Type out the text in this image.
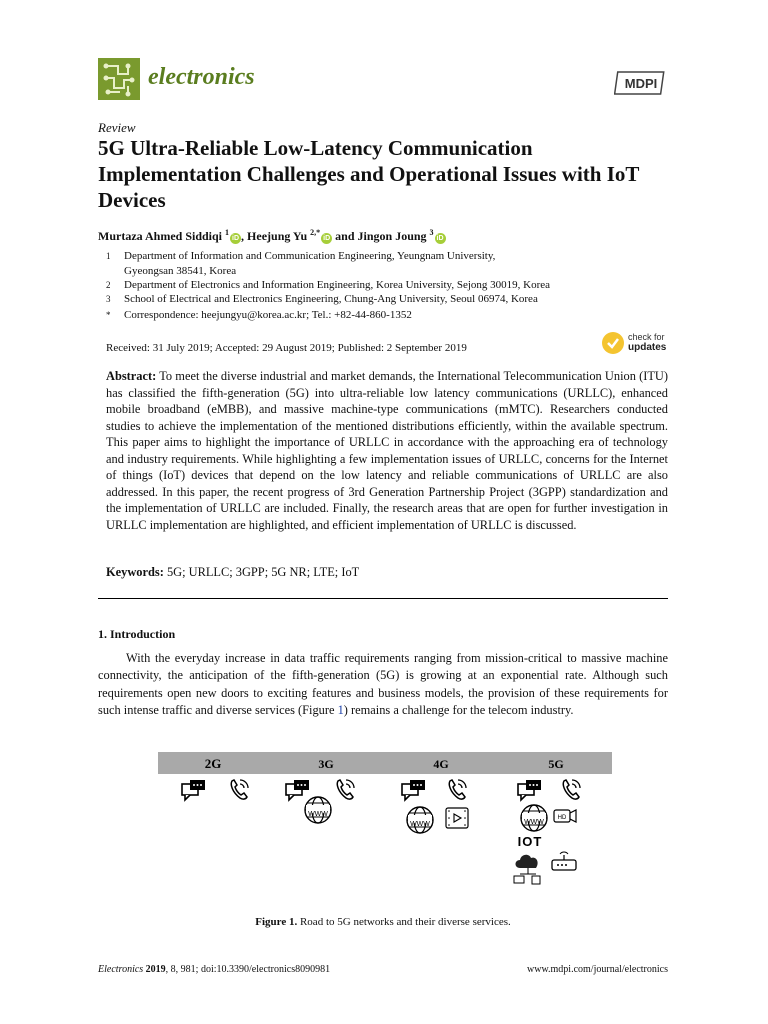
electronics	MDPI
Review
5G Ultra-Reliable Low-Latency Communication Implementation Challenges and Operational Issues with IoT Devices
Murtaza Ahmed Siddiqi $^1$iD , Heejung Yu $^{2,*}$iD and Jingon Joung $^3$iD
1 Department of Information and Communication Engineering, Yeungnam University,
Gyeongsan 38541, Korea
2 Department of Electronics and Information Engineering, Korea University, Sejong 30019, Korea
3 School of Electrical and Electronics Engineering, Chung-Ang University, Seoul 06974, Korea
* Correspondence: heejungyu@korea.ac.kr; Tel.: +82-44-860-1352
check for
updates
Received: 31 July 2019; Accepted: 29 August 2019; Published: 2 September 2019
Abstract: To meet the diverse industrial and market demands, the International Telecommunication Union (ITU) has classified the fifth-generation (5G) into ultra-reliable low latency communications (URLLC), enhanced mobile broadband (eMBB), and massive machine-type communications (mMTC). Researchers conducted studies to achieve the implementation of the mentioned distributions efficiently, within the available spectrum. This paper aims to highlight the importance of URLLC in accordance with the approaching era of technology and industry requirements. While highlighting a few implementation issues of URLLC, concerns for the Internet of things (IoT) devices that depend on the low latency and reliable communications of URLLC are also addressed. In this paper, the recent progress of 3rd Generation Partnership Project (3GPP) standardization and the implementation of URLLC are included. Finally, the research areas that are open for further investigation in URLLC implementation are highlighted, and efficient implementation of URLLC is discussed.
Keywords: 5G; URLLC; 3GPP; 5G NR; LTE; IoT
1. Introduction
With the everyday increase in data traffic requirements ranging from mission-critical to massive machine connectivity, the anticipation of the fifth-generation (5G) is growing at an exponential rate. Although such requirements open new doors to exciting features and business models, the provision of these requirements for such intense traffic and diverse services (Figure 1) remains a challenge for the telecom industry.
2G	3G	4G	5G
WWW
WWW	WWW
HD
IOT
Figure 1. Road to 5G networks and their diverse services.
Electronics 2019, 8, 981; doi:10.3390/electronics8090981	www.mdpi.com/journal/electronics
